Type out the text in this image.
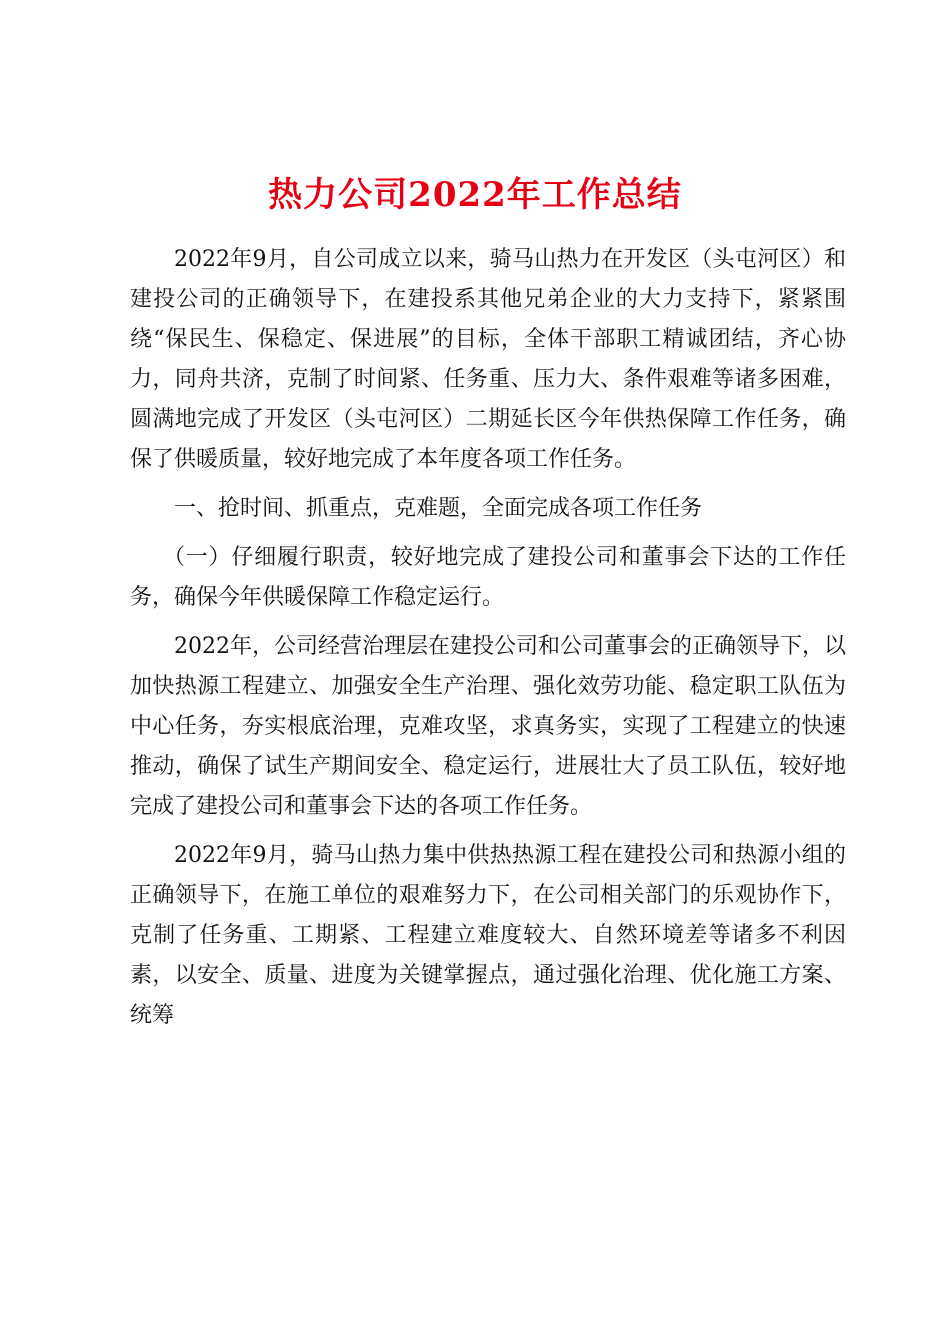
热力公司2022年工作总结

2022年9月，自公司成立以来，骑马山热力在开发区（头屯河区）和建投公司的正确领导下，在建投系其他兄弟企业的大力支持下，紧紧围绕“保民生、保稳定、保进展”的目标，全体干部职工精诚团结，齐心协力，同舟共济，克制了时间紧、任务重、压力大、条件艰难等诸多困难，圆满地完成了开发区（头屯河区）二期延长区今年供热保障工作任务，确保了供暖质量，较好地完成了本年度各项工作任务。

一、抢时间、抓重点，克难题，全面完成各项工作任务

（一）仔细履行职责，较好地完成了建投公司和董事会下达的工作任务，确保今年供暖保障工作稳定运行。

2022年，公司经营治理层在建投公司和公司董事会的正确领导下，以加快热源工程建立、加强安全生产治理、强化效劳功能、稳定职工队伍为中心任务，夯实根底治理，克难攻坚，求真务实，实现了工程建立的快速推动，确保了试生产期间安全、稳定运行，进展壮大了员工队伍，较好地完成了建投公司和董事会下达的各项工作任务。

2022年9月，骑马山热力集中供热热源工程在建投公司和热源小组的正确领导下，在施工单位的艰难努力下，在公司相关部门的乐观协作下，克制了任务重、工期紧、工程建立难度较大、自然环境差等诸多不利因素，以安全、质量、进度为关键掌握点，通过强化治理、优化施工方案、统筹
